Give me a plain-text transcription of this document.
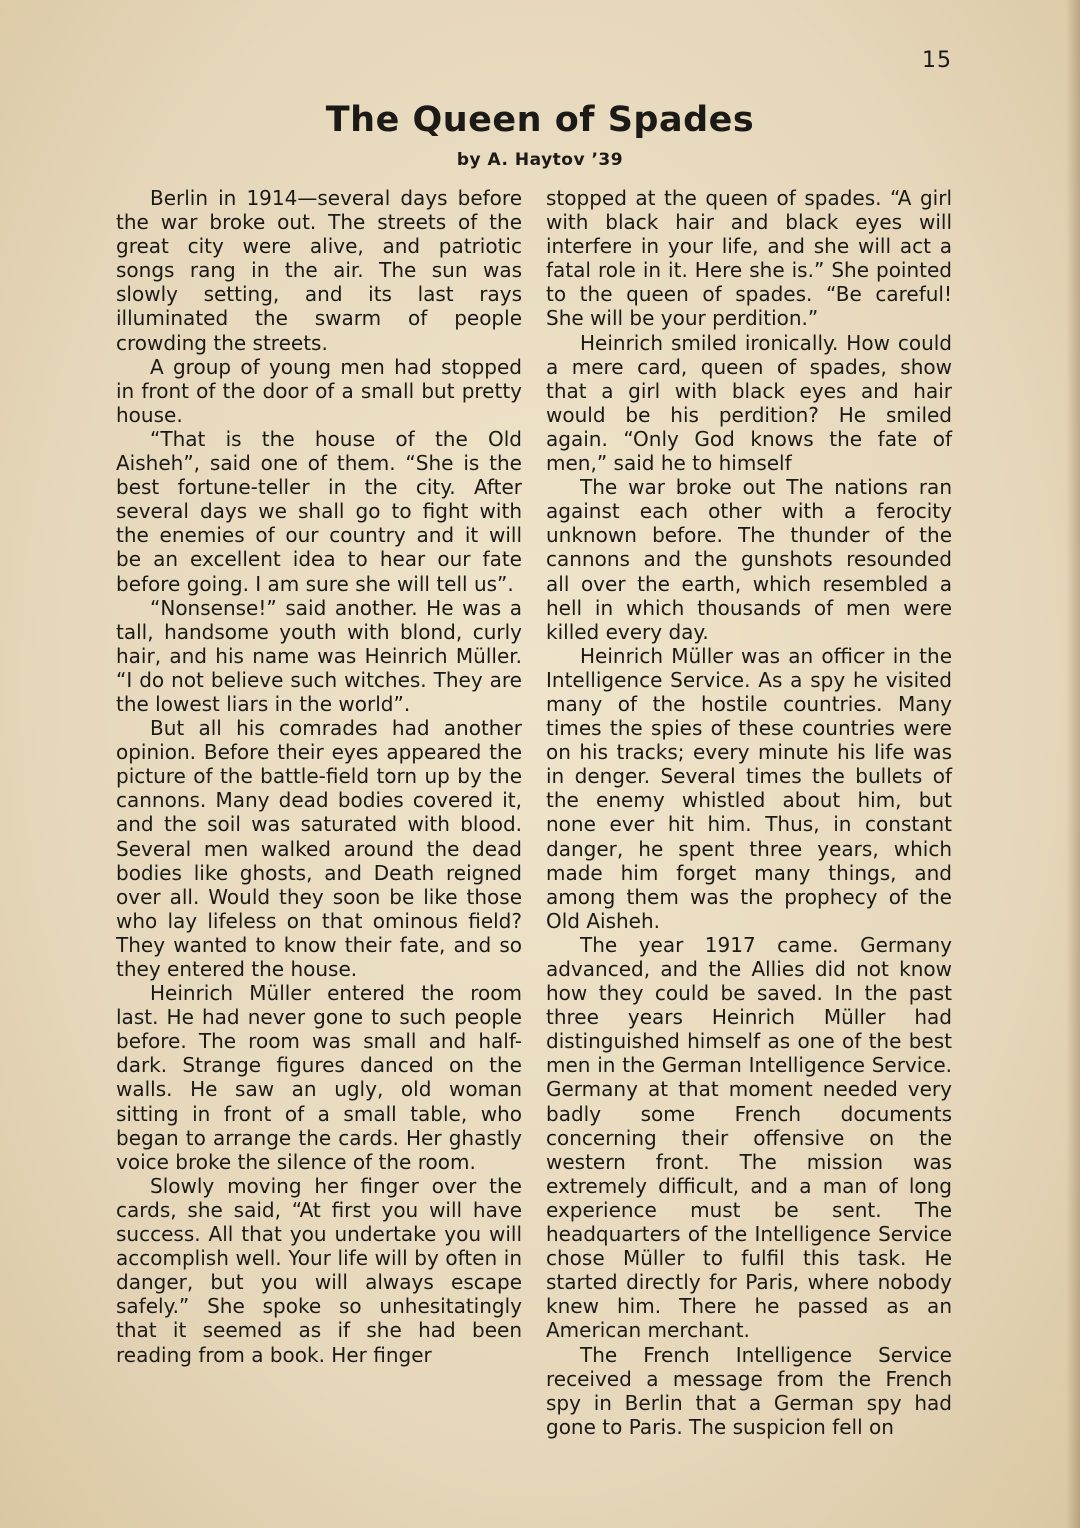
15
The Queen of Spades
by A. Haytov ’39

Berlin in 1914—several days before the war broke out. The streets of the great city were alive, and patriotic songs rang in the air. The sun was slowly setting, and its last rays illuminated the swarm of people crowding the streets.

A group of young men had stopped in front of the door of a small but pretty house.

“That is the house of the Old Aisheh”, said one of them. “She is the best fortune-teller in the city. After several days we shall go to fight with the enemies of our country and it will be an excellent idea to hear our fate before going. I am sure she will tell us”.

“Nonsense!” said another. He was a tall, handsome youth with blond, curly hair, and his name was Heinrich Müller. “I do not believe such witches. They are the lowest liars in the world”.

But all his comrades had another opinion. Before their eyes appeared the picture of the battle-field torn up by the cannons. Many dead bodies covered it, and the soil was saturated with blood. Several men walked around the dead bodies like ghosts, and Death reigned over all. Would they soon be like those who lay lifeless on that ominous field? They wanted to know their fate, and so they entered the house.

Heinrich Müller entered the room last. He had never gone to such people before. The room was small and half-dark. Strange figures danced on the walls. He saw an ugly, old woman sitting in front of a small table, who began to arrange the cards. Her ghastly voice broke the silence of the room.

Slowly moving her finger over the cards, she said, “At first you will have success. All that you undertake you will accomplish well. Your life will by often in danger, but you will always escape safely.” She spoke so unhesitatingly that it seemed as if she had been reading from a book. Her finger

stopped at the queen of spades. “A girl with black hair and black eyes will interfere in your life, and she will act a fatal role in it. Here she is.” She pointed to the queen of spades. “Be careful! She will be your perdition.”

Heinrich smiled ironically. How could a mere card, queen of spades, show that a girl with black eyes and hair would be his perdition? He smiled again. “Only God knows the fate of men,” said he to himself

The war broke out The nations ran against each other with a ferocity unknown before. The thunder of the cannons and the gunshots resounded all over the earth, which resembled a hell in which thousands of men were killed every day.

Heinrich Müller was an officer in the Intelligence Service. As a spy he visited many of the hostile countries. Many times the spies of these countries were on his tracks; every minute his life was in denger. Several times the bullets of the enemy whistled about him, but none ever hit him. Thus, in constant danger, he spent three years, which made him forget many things, and among them was the prophecy of the Old Aisheh.

The year 1917 came. Germany advanced, and the Allies did not know how they could be saved. In the past three years Heinrich Müller had distinguished himself as one of the best men in the German Intelligence Service. Germany at that moment needed very badly some French documents concerning their offensive on the western front. The mission was extremely difficult, and a man of long experience must be sent. The headquarters of the Intelligence Service chose Müller to fulfil this task. He started directly for Paris, where nobody knew him. There he passed as an American merchant.

The French Intelligence Service received a message from the French spy in Berlin that a German spy had gone to Paris. The suspicion fell on
